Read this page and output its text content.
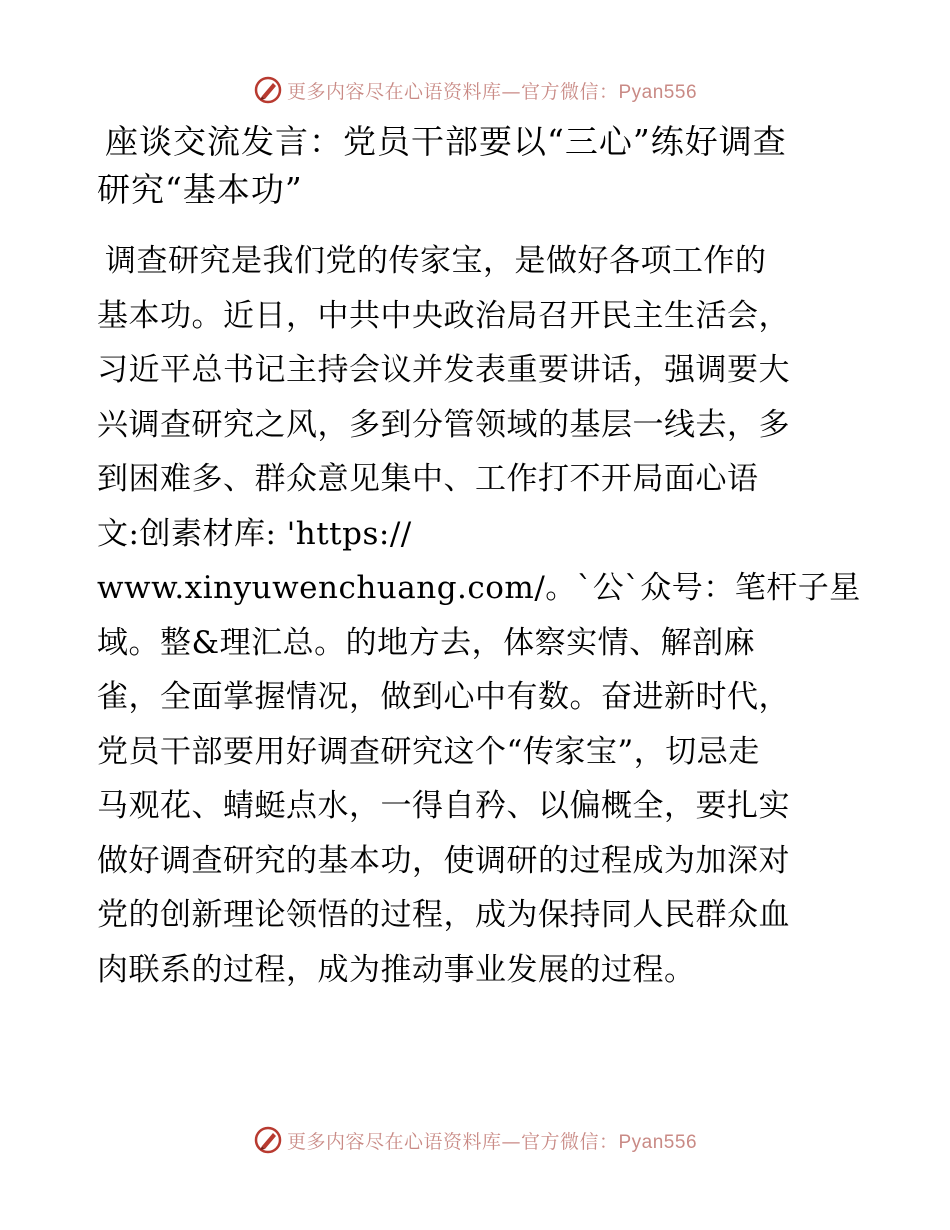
更多内容尽在心语资料库—官方微信：Pyan556
座谈交流发言：党员干部要以“三心”练好调查
研究“基本功”
调查研究是我们党的传家宝，是做好各项工作的
基本功。近日，中共中央政治局召开民主生活会，
习近平总书记主持会议并发表重要讲话，强调要大
兴调查研究之风，多到分管领域的基层一线去，多
到困难多、群众意见集中、工作打不开局面心语
文:创素材库: 'https://
www.xinyuwenchuang.com/。`公`众号：笔杆子星
域。整&理汇总。的地方去，体察实情、解剖麻
雀，全面掌握情况，做到心中有数。奋进新时代，
党员干部要用好调查研究这个“传家宝”，切忌走
马观花、蜻蜓点水，一得自矜、以偏概全，要扎实
做好调查研究的基本功，使调研的过程成为加深对
党的创新理论领悟的过程，成为保持同人民群众血
肉联系的过程，成为推动事业发展的过程。
更多内容尽在心语资料库—官方微信：Pyan556
